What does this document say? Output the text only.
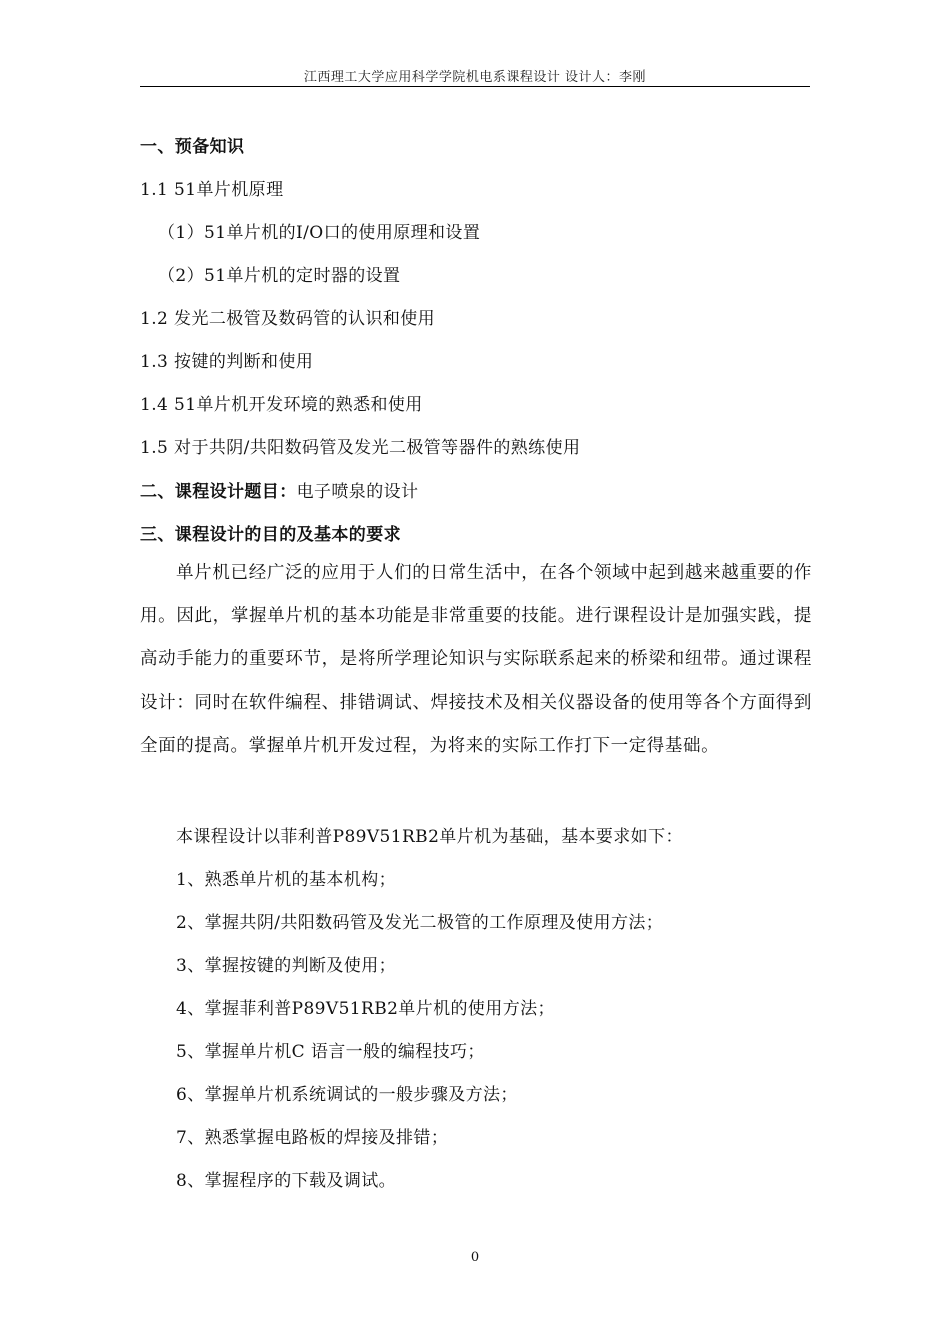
江西理工大学应用科学学院机电系课程设计 设计人：李刚
一、预备知识
1.1 51单片机原理
（1）51单片机的I/O口的使用原理和设置
（2）51单片机的定时器的设置
1.2 发光二极管及数码管的认识和使用
1.3 按键的判断和使用
1.4 51单片机开发环境的熟悉和使用
1.5 对于共阴/共阳数码管及发光二极管等器件的熟练使用
二、课程设计题目：电子喷泉的设计
三、课程设计的目的及基本的要求
单片机已经广泛的应用于人们的日常生活中，在各个领域中起到越来越重要的作用。因此，掌握单片机的基本功能是非常重要的技能。进行课程设计是加强实践，提高动手能力的重要环节，是将所学理论知识与实际联系起来的桥梁和纽带。通过课程设计：同时在软件编程、排错调试、焊接技术及相关仪器设备的使用等各个方面得到全面的提高。掌握单片机开发过程，为将来的实际工作打下一定得基础。
本课程设计以菲利普P89V51RB2单片机为基础，基本要求如下：
1、熟悉单片机的基本机构；
2、掌握共阴/共阳数码管及发光二极管的工作原理及使用方法；
3、掌握按键的判断及使用；
4、掌握菲利普P89V51RB2单片机的使用方法；
5、掌握单片机C 语言一般的编程技巧；
6、掌握单片机系统调试的一般步骤及方法；
7、熟悉掌握电路板的焊接及排错；
8、掌握程序的下载及调试。
0
